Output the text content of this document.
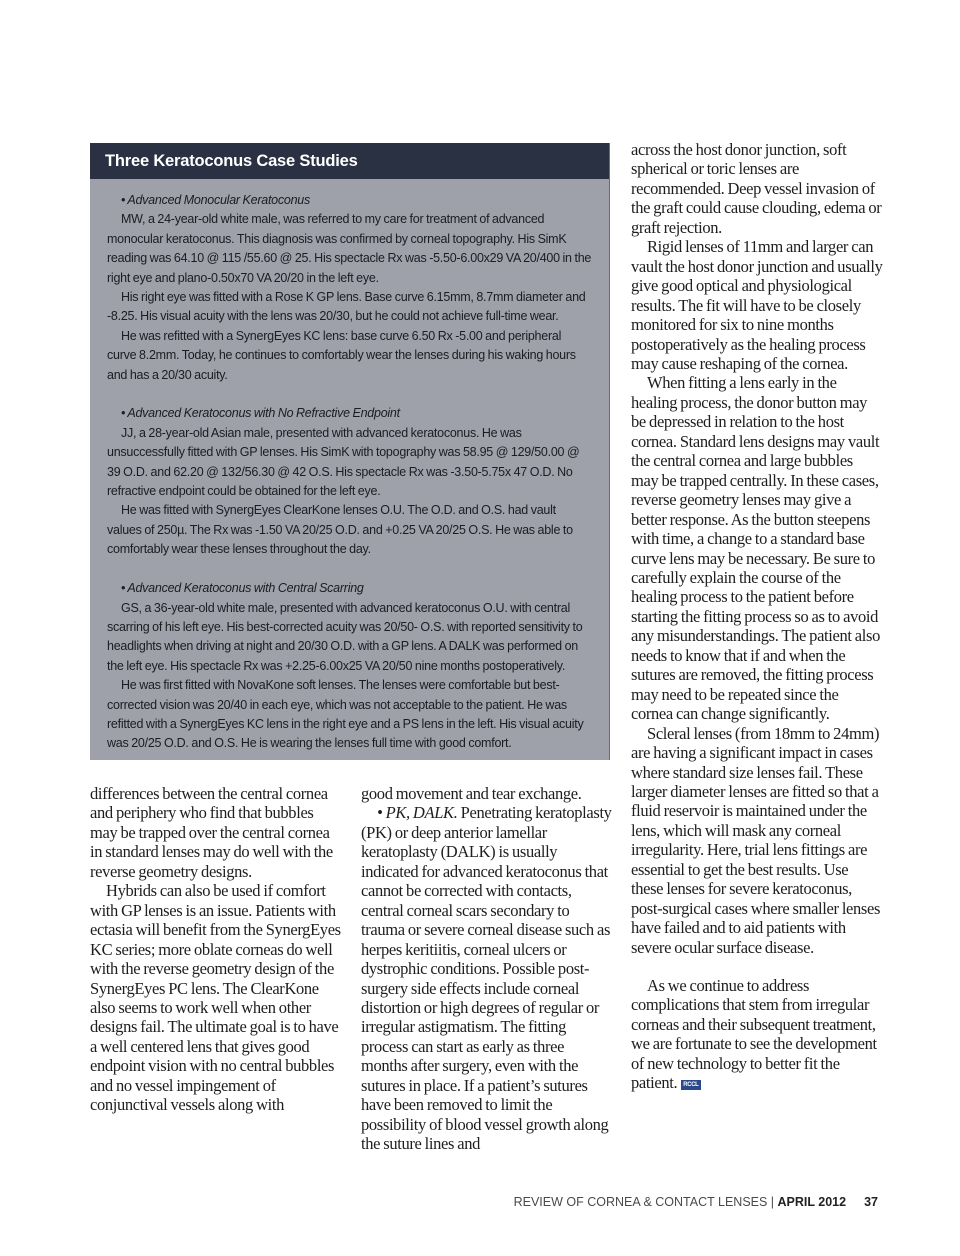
Three Keratoconus Case Studies

• Advanced Monocular Keratoconus

MW, a 24-year-old white male, was referred to my care for treatment of advanced monocular keratoconus. This diagnosis was confirmed by corneal topography. His SimK reading was 64.10 @ 115 /55.60 @ 25. His spectacle Rx was -5.50-6.00x29 VA 20/400 in the right eye and plano-0.50x70 VA 20/20 in the left eye.

His right eye was fitted with a Rose K GP lens. Base curve 6.15mm, 8.7mm diameter and -8.25. His visual acuity with the lens was 20/30, but he could not achieve full-time wear.

He was refitted with a SynergEyes KC lens: base curve 6.50 Rx -5.00 and peripheral curve 8.2mm. Today, he continues to comfortably wear the lenses during his waking hours and has a 20/30 acuity.

• Advanced Keratoconus with No Refractive Endpoint

JJ, a 28-year-old Asian male, presented with advanced keratoconus. He was unsuccessfully fitted with GP lenses. His SimK with topography was 58.95 @ 129/50.00 @ 39 O.D. and 62.20 @ 132/56.30 @ 42 O.S. His spectacle Rx was -3.50-5.75x 47 O.D. No refractive endpoint could be obtained for the left eye.

He was fitted with SynergEyes ClearKone lenses O.U. The O.D. and O.S. had vault values of 250µ. The Rx was -1.50 VA 20/25 O.D. and +0.25 VA 20/25 O.S. He was able to comfortably wear these lenses throughout the day.

• Advanced Keratoconus with Central Scarring

GS, a 36-year-old white male, presented with advanced keratoconus O.U. with central scarring of his left eye. His best-corrected acuity was 20/50- O.S. with reported sensitivity to headlights when driving at night and 20/30 O.D. with a GP lens. A DALK was performed on the left eye. His spectacle Rx was +2.25-6.00x25 VA 20/50 nine months postoperatively.

He was first fitted with NovaKone soft lenses. The lenses were comfortable but best-corrected vision was 20/40 in each eye, which was not acceptable to the patient. He was refitted with a SynergEyes KC lens in the right eye and a PS lens in the left. His visual acuity was 20/25 O.D. and O.S. He is wearing the lenses full time with good comfort.

differences between the central cornea and periphery who find that bubbles may be trapped over the central cornea in standard lenses may do well with the reverse geometry designs.

Hybrids can also be used if comfort with GP lenses is an issue. Patients with ectasia will benefit from the SynergEyes KC series; more oblate corneas do well with the reverse geometry design of the SynergEyes PC lens. The ClearKone also seems to work well when other designs fail. The ultimate goal is to have a well centered lens that gives good endpoint vision with no central bubbles and no vessel impingement of conjunctival vessels along with

good movement and tear exchange.

• PK, DALK. Penetrating keratoplasty (PK) or deep anterior lamellar keratoplasty (DALK) is usually indicated for advanced keratoconus that cannot be corrected with contacts, central corneal scars secondary to trauma or severe corneal disease such as herpes keritiitis, corneal ulcers or dystrophic conditions. Possible post-surgery side effects include corneal distortion or high degrees of regular or irregular astigmatism. The fitting process can start as early as three months after surgery, even with the sutures in place. If a patient’s sutures have been removed to limit the possibility of blood vessel growth along the suture lines and

across the host donor junction, soft spherical or toric lenses are recommended. Deep vessel invasion of the graft could cause clouding, edema or graft rejection.

Rigid lenses of 11mm and larger can vault the host donor junction and usually give good optical and physiological results. The fit will have to be closely monitored for six to nine months postoperatively as the healing process may cause reshaping of the cornea.

When fitting a lens early in the healing process, the donor button may be depressed in relation to the host cornea. Standard lens designs may vault the central cornea and large bubbles may be trapped centrally. In these cases, reverse geometry lenses may give a better response. As the button steepens with time, a change to a standard base curve lens may be necessary. Be sure to carefully explain the course of the healing process to the patient before starting the fitting process so as to avoid any misunderstandings. The patient also needs to know that if and when the sutures are removed, the fitting process may need to be repeated since the cornea can change significantly.

Scleral lenses (from 18mm to 24mm) are having a significant impact in cases where standard size lenses fail. These larger diameter lenses are fitted so that a fluid reservoir is maintained under the lens, which will mask any corneal irregularity. Here, trial lens fittings are essential to get the best results. Use these lenses for severe keratoconus, post-surgical cases where smaller lenses have failed and to aid patients with severe ocular surface disease.

As we continue to address complications that stem from irregular corneas and their subsequent treatment, we are fortunate to see the development of new technology to better fit the patient. RCCL

REVIEW OF CORNEA & CONTACT LENSES | APRIL 2012 37
